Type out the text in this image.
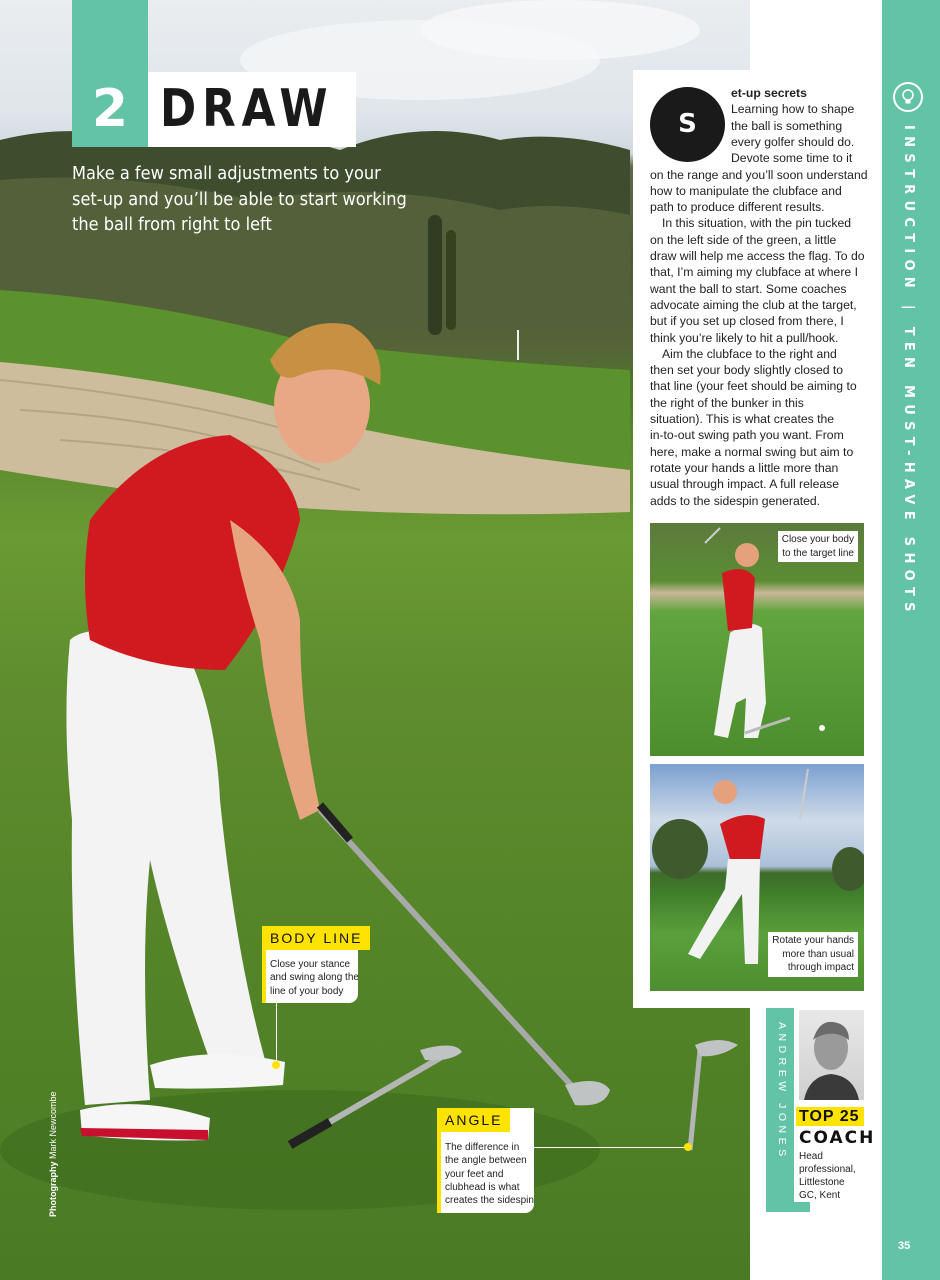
INSTRUCTION | TEN MUST-HAVE SHOTS
35
2 DRAW
Make a few small adjustments to your
set-up and you’ll be able to start working
the ball from right to left
S
et-up secrets
Learning how to shape
the ball is something
every golfer should do.
Devote some time to it
on the range and you’ll soon understand
how to manipulate the clubface and
path to produce different results.
In this situation, with the pin tucked
on the left side of the green, a little
draw will help me access the flag. To do
that, I’m aiming my clubface at where I
want the ball to start. Some coaches
advocate aiming the club at the target,
but if you set up closed from there, I
think you’re likely to hit a pull/hook.
Aim the clubface to the right and
then set your body slightly closed to
that line (your feet should be aiming to
the right of the bunker in this
situation). This is what creates the
in-to-out swing path you want. From
here, make a normal swing but aim to
rotate your hands a little more than
usual through impact. A full release
adds to the sidespin generated.
Close your body
to the target line
Rotate your hands
more than usual
through impact
ANDREW JONES TOP 25
COACH
Head
professional,
Littlestone
GC, Kent
BODY LINE
Close your stance
and swing along the
line of your body
ANGLE
The difference in
the angle between
your feet and
clubhead is what
creates the sidespin
Photography Mark Newcombe
